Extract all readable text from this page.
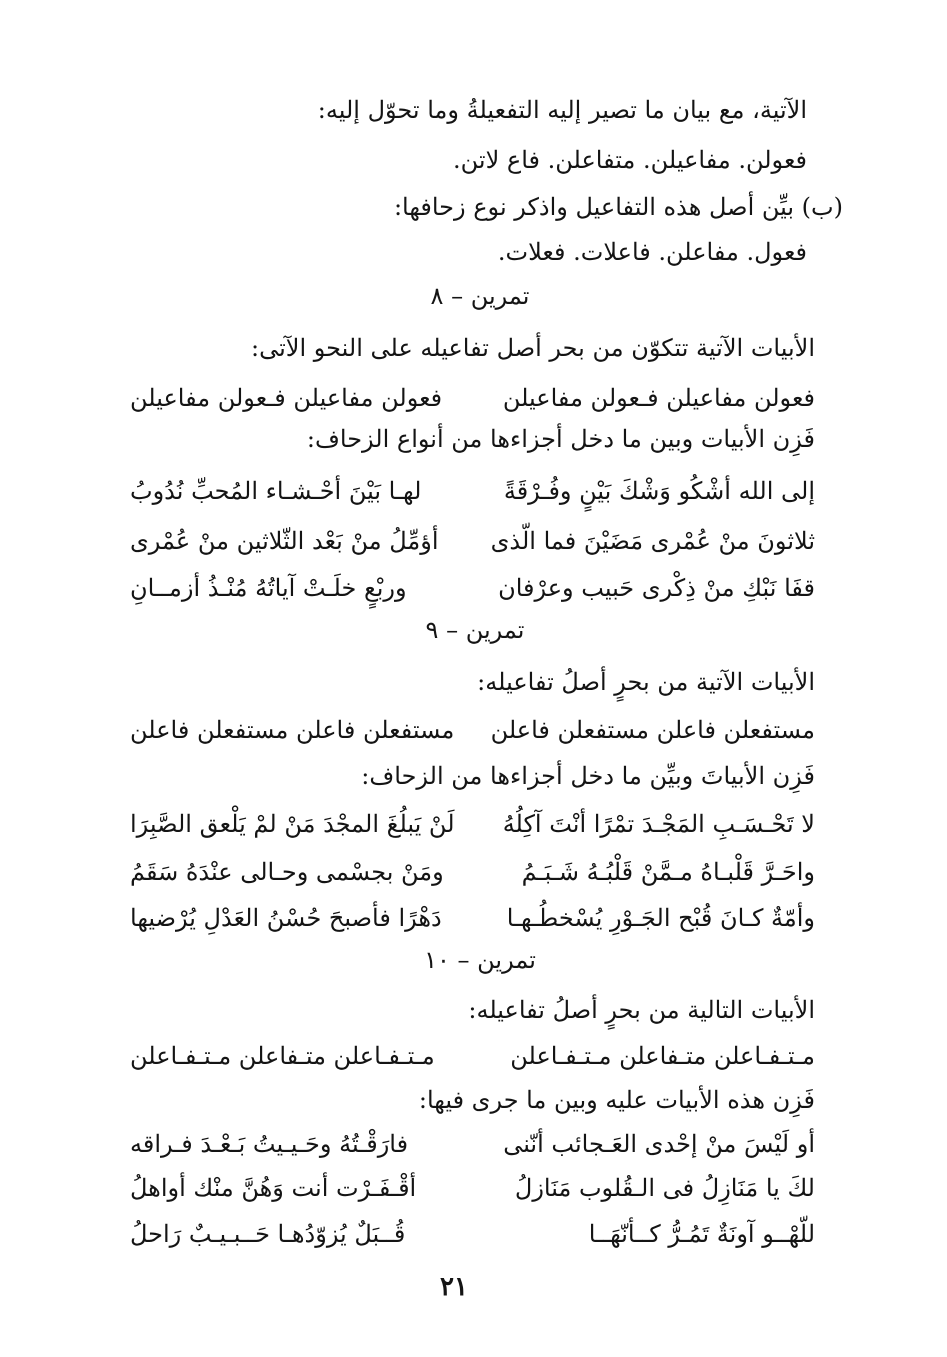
الآتية، مع بيان ما تصير إليه التفعيلةُ وما تحوّل إليه:
فعولن. مفاعيلن. متفاعلن. فاع لاتن.
(ب) بيِّن أصل هذه التفاعيل واذكر نوع زحافها:
فعول. مفاعلن. فاعلات. فعلات.
تمرين – ٨
الأبيات الآتية تتكوّن من بحر أصل تفاعيله على النحو الآتى:
فعولن مفاعيلن فـعولن مفاعيلن
فعولن مفاعيلن فـعولن مفاعيلن
فَزِن الأبيات وبين ما دخل أجزاءها من أنواع الزحاف:
إلى الله أشْكُو وَشْكَ بَيْنٍ وفُـرْقَةً
لهـا بَيْنَ أحْـشـاء المُحبِّ نُدُوبُ
ثلاثونَ منْ عُمْرى مَضَيْنَ فما الّذى
أؤمِّلُ منْ بَعْد الثّلاثين منْ عُمْرى
قفَا نَبْكِ منْ ذِكْرى حَبيب وعرْفان
وربْعٍ خلَـتْ آياتُهُ مُنْـذُ أزمــانِ
تمرين – ٩
الأبيات الآتية من بحرٍ أصلُ تفاعيله:
مستفعلن فاعلن مستفعلن فاعلن
مستفعلن فاعلن مستفعلن فاعلن
فَزِن الأبياتَ وبيِّن ما دخل أجزاءها من الزحاف:
لا تَحْـسَـبِ المَجْـدَ تمْرًا أنْتَ آكِلُهُ
لَنْ يَبلُغَ المجْدَ مَنْ لمْ يَلْعق الصَّبِرَا
واحَـرَّ قَلْبـاهُ مـمَّنْ قَلْبُـهُ شَـبَـمُ
ومَنْ بجسْمى وحـالى عنْدَهُ سَقَمُ
وأمّةٌ كـانَ قُبْح الجَـوْرِ يُسْخطُـهـا
دَهْرًا فأصبحَ حُسْنُ العَدْلِ يُرْضيها
تمرين – ١٠
الأبيات التالية من بحرٍ أصلُ تفاعيله:
مـتـفـاعلن متـفاعلن مـتـفـاعلن
مـتـفـاعلن متـفاعلن مـتـفـاعلن
فَزِن هذه الأبيات عليه وبين ما جرى فيها:
أو لَيْسَ منْ إحْدى العَـجائب أنّنى
فارَقْـتُهُ وحَـيـيتُ بَـعْـدَ فـراقه
لكَ يا مَنَازِلُ فى الـقُلوب مَنَازلُ
أقْـفَـرْت أنت وَهُنَّ منْك أواهلُ
للّهْــو آونَةٌ تَمُـرُّ كــأنّهَــا
قُــبَلٌ يُزوّدُهـا حَــبـيـبٌ رَاحلُ
٢١
